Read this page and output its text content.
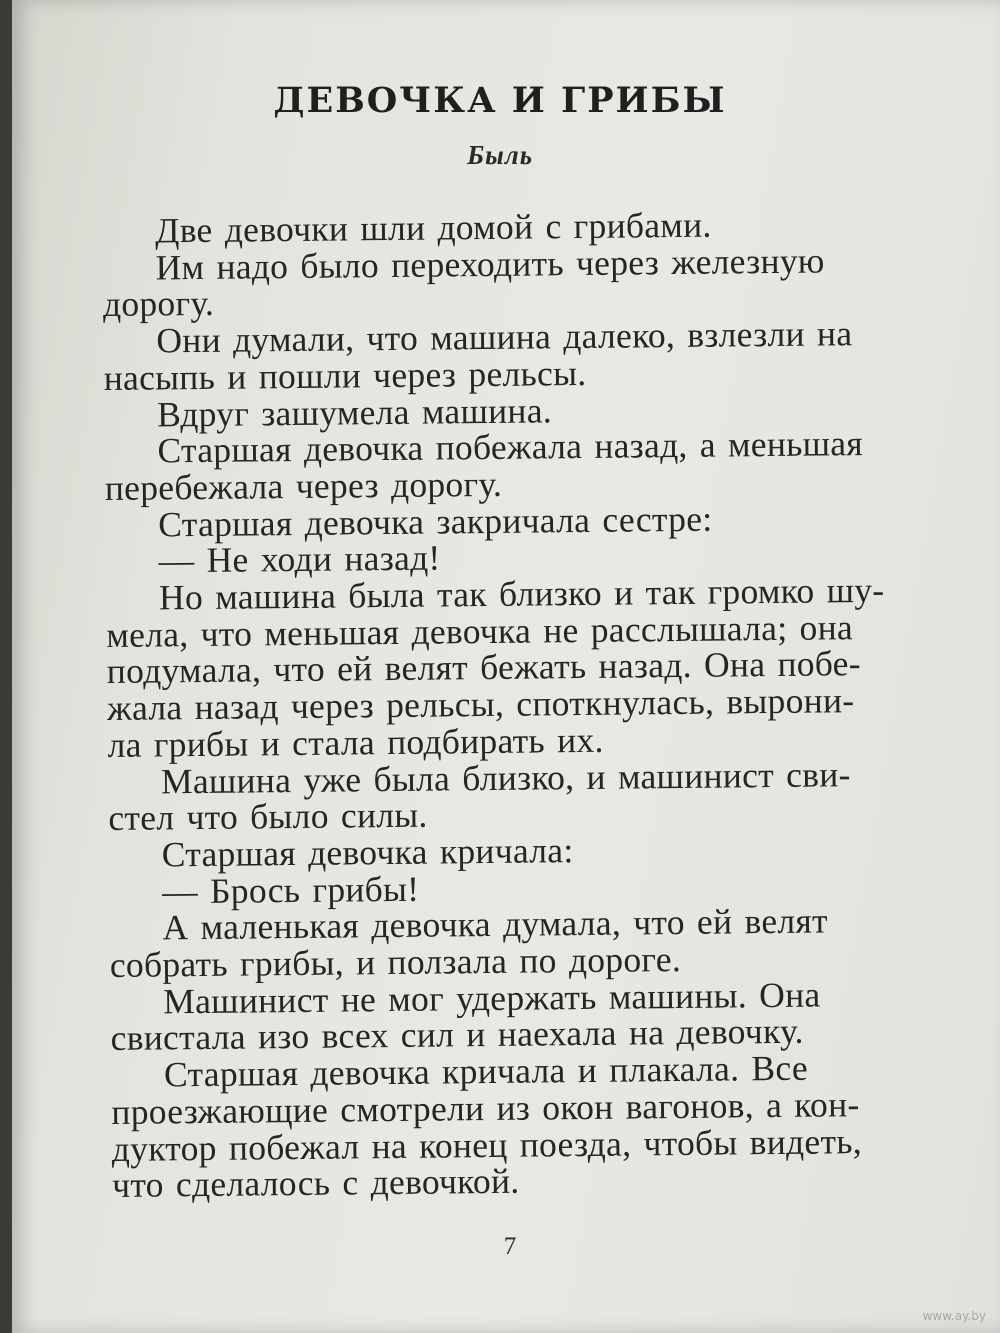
ДЕВОЧКА И ГРИБЫ
Быль
Две девочки шли домой с грибами.
Им надо было переходить через железную
дорогу.
Они думали, что машина далеко, взлезли на
насыпь и пошли через рельсы.
Вдруг зашумела машина.
Старшая девочка побежала назад, а меньшая
перебежала через дорогу.
Старшая девочка закричала сестре:
— Не ходи назад!
Но машина была так близко и так громко шу-
мела, что меньшая девочка не расслышала; она
подумала, что ей велят бежать назад. Она побе-
жала назад через рельсы, споткнулась, вырони-
ла грибы и стала подбирать их.
Машина уже была близко, и машинист сви-
стел что было силы.
Старшая девочка кричала:
— Брось грибы!
А маленькая девочка думала, что ей велят
собрать грибы, и ползала по дороге.
Машинист не мог удержать машины. Она
свистала изо всех сил и наехала на девочку.
Старшая девочка кричала и плакала. Все
проезжающие смотрели из окон вагонов, а кон-
дуктор побежал на конец поезда, чтобы видеть,
что сделалось с девочкой.
7
www.ay.by
